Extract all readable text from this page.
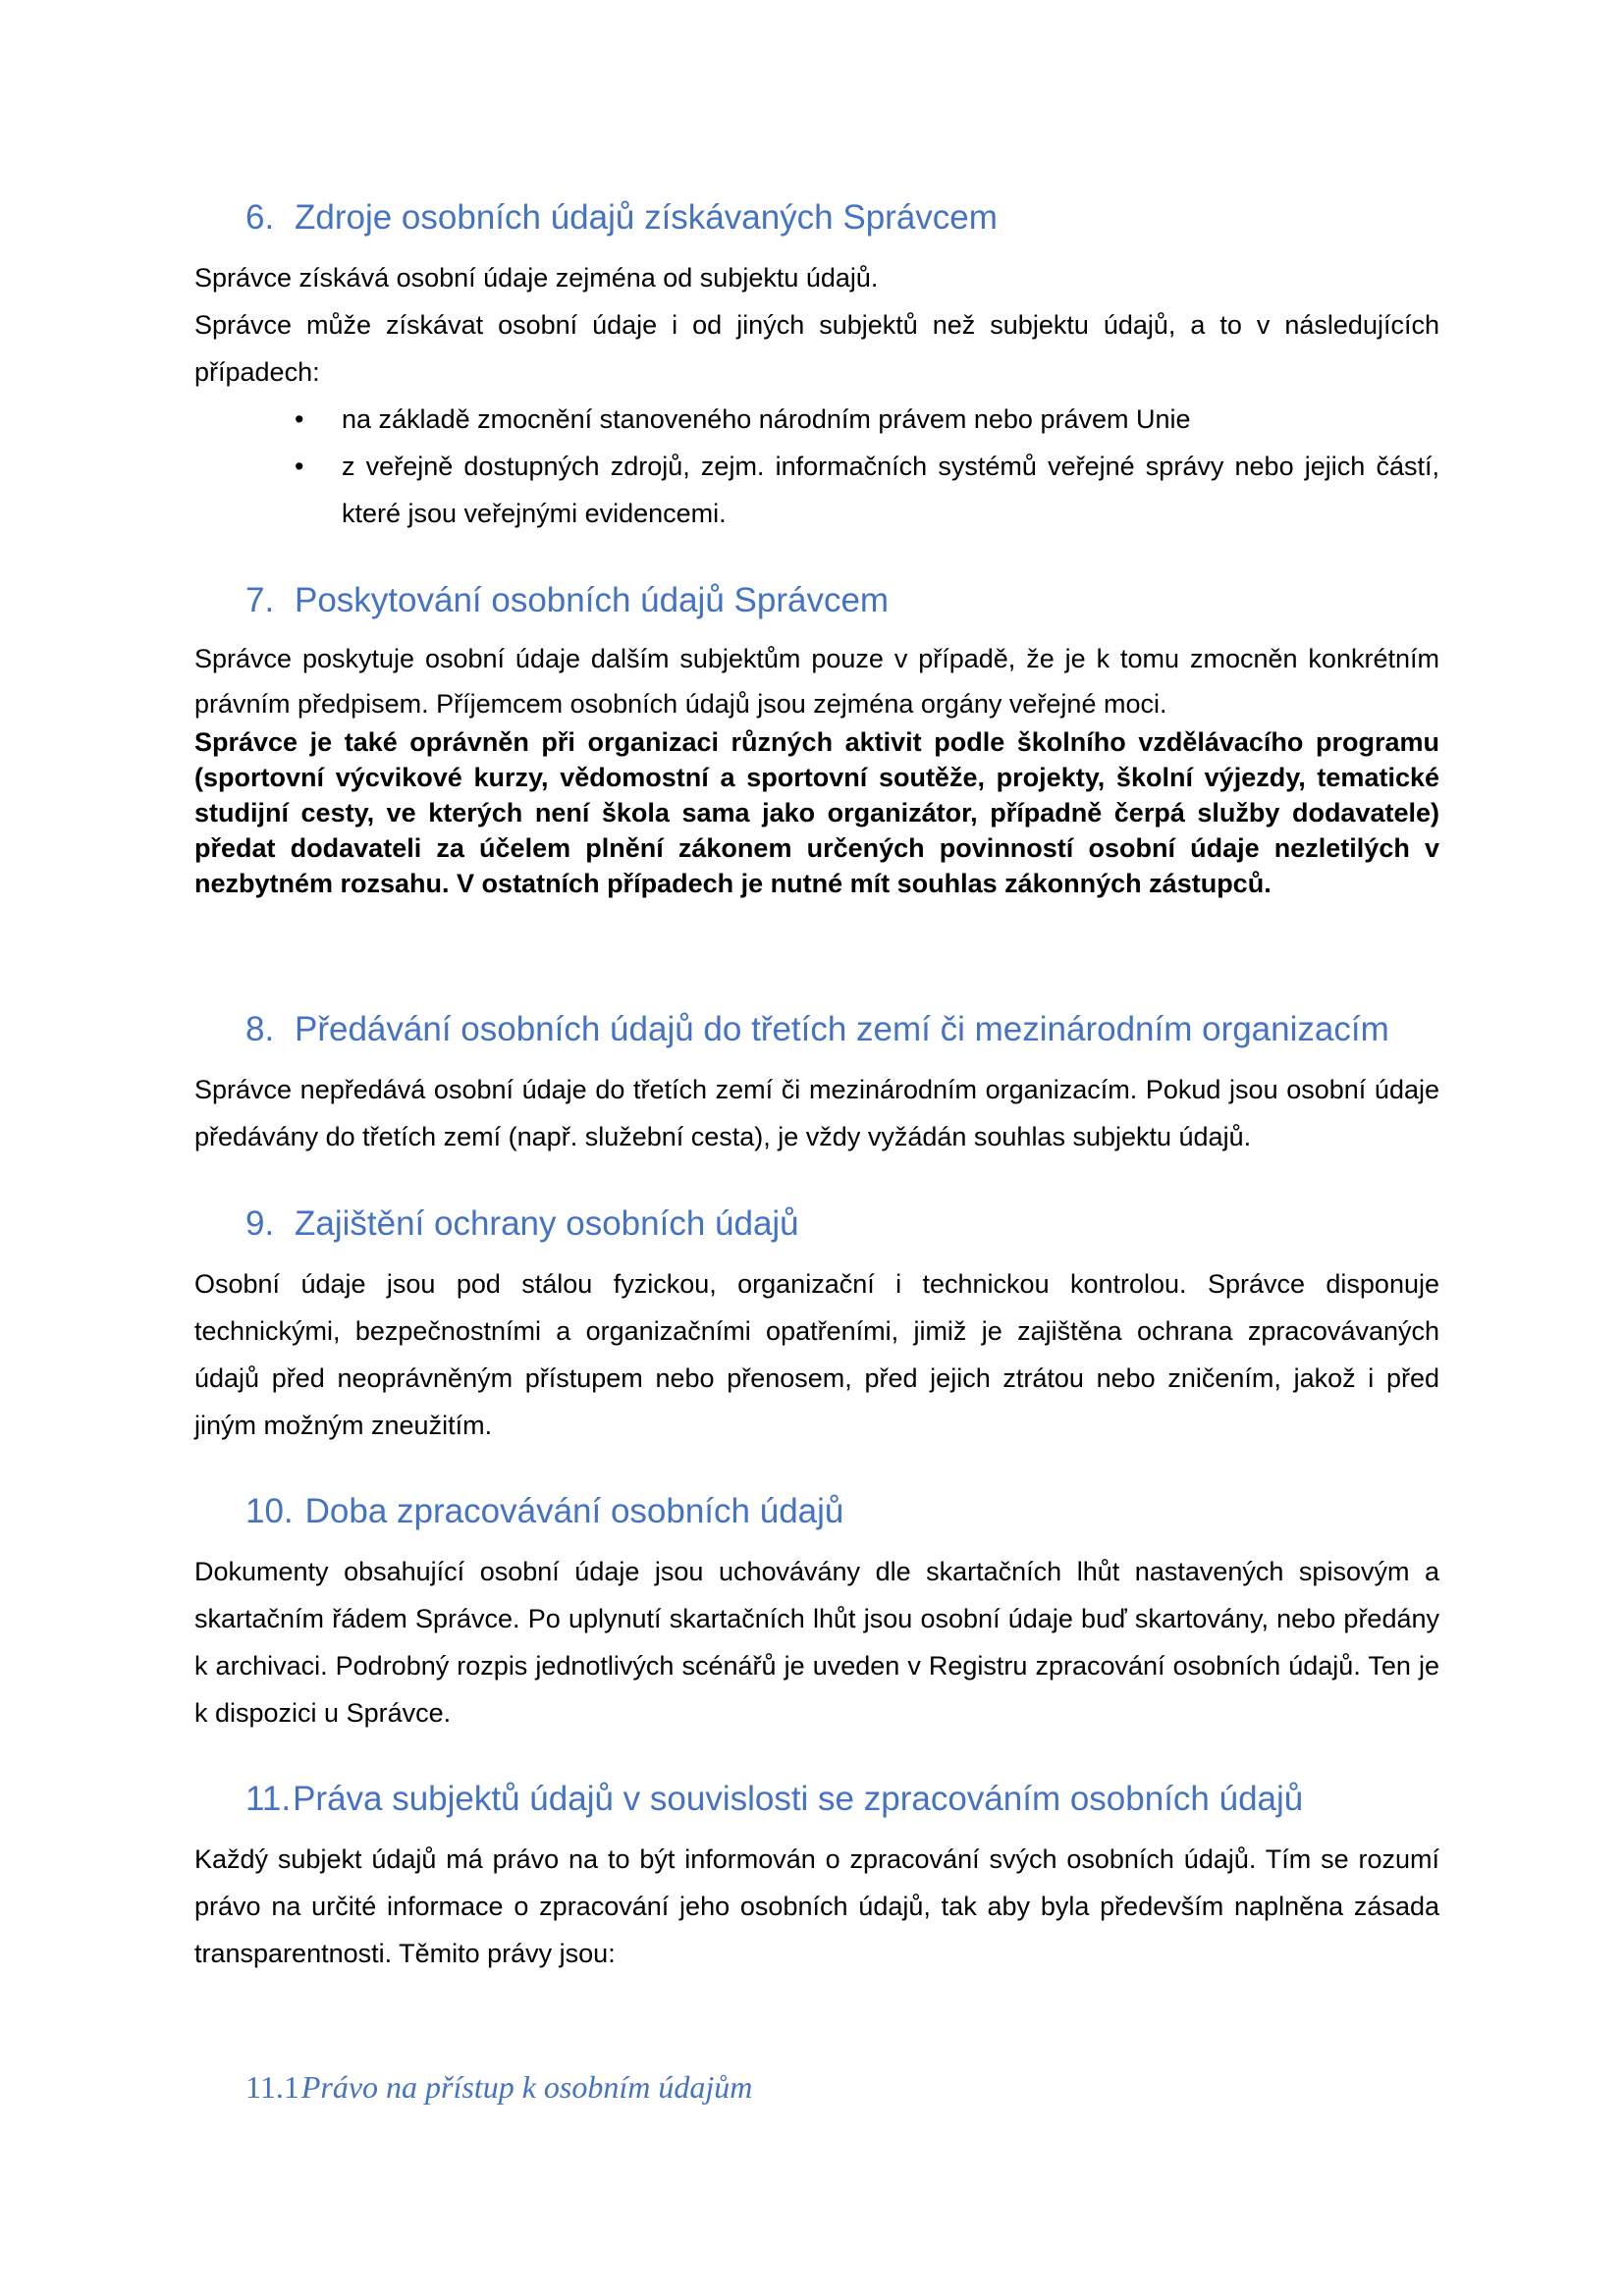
6. Zdroje osobních údajů získávaných Správcem

Správce získává osobní údaje zejména od subjektu údajů.

Správce může získávat osobní údaje i od jiných subjektů než subjektu údajů, a to v následujících případech:

•	na základě zmocnění stanoveného národním právem nebo právem Unie
•	z veřejně dostupných zdrojů, zejm. informačních systémů veřejné správy nebo jejich částí, které jsou veřejnými evidencemi.
7. Poskytování osobních údajů Správcem

Správce poskytuje osobní údaje dalším subjektům pouze v případě, že je k tomu zmocněn konkrétním právním předpisem. Příjemcem osobních údajů jsou zejména orgány veřejné moci.

Správce je také oprávněn při organizaci různých aktivit podle školního vzdělávacího programu (sportovní výcvikové kurzy, vědomostní a sportovní soutěže, projekty, školní výjezdy, tematické studijní cesty, ve kterých není škola sama jako organizátor, případně čerpá služby dodavatele) předat dodavateli za účelem plnění zákonem určených povinností osobní údaje nezletilých v nezbytném rozsahu. V ostatních případech je nutné mít souhlas zákonných zástupců.

8. Předávání osobních údajů do třetích zemí či mezinárodním organizacím

Správce nepředává osobní údaje do třetích zemí či mezinárodním organizacím. Pokud jsou osobní údaje předávány do třetích zemí (např. služební cesta), je vždy vyžádán souhlas subjektu údajů.

9. Zajištění ochrany osobních údajů

Osobní údaje jsou pod stálou fyzickou, organizační i technickou kontrolou. Správce disponuje technickými, bezpečnostními a organizačními opatřeními, jimiž je zajištěna ochrana zpracovávaných údajů před neoprávněným přístupem nebo přenosem, před jejich ztrátou nebo zničením, jakož i před jiným možným zneužitím.

10. Doba zpracovávání osobních údajů

Dokumenty obsahující osobní údaje jsou uchovávány dle skartačních lhůt nastavených spisovým a skartačním řádem Správce. Po uplynutí skartačních lhůt jsou osobní údaje buď skartovány, nebo předány k archivaci. Podrobný rozpis jednotlivých scénářů je uveden v Registru zpracování osobních údajů. Ten je k dispozici u Správce.

11.Práva subjektů údajů v souvislosti se zpracováním osobních údajů

Každý subjekt údajů má právo na to být informován o zpracování svých osobních údajů. Tím se rozumí právo na určité informace o zpracování jeho osobních údajů, tak aby byla především naplněna zásada transparentnosti. Těmito právy jsou:

11.1Právo na přístup k osobním údajům
